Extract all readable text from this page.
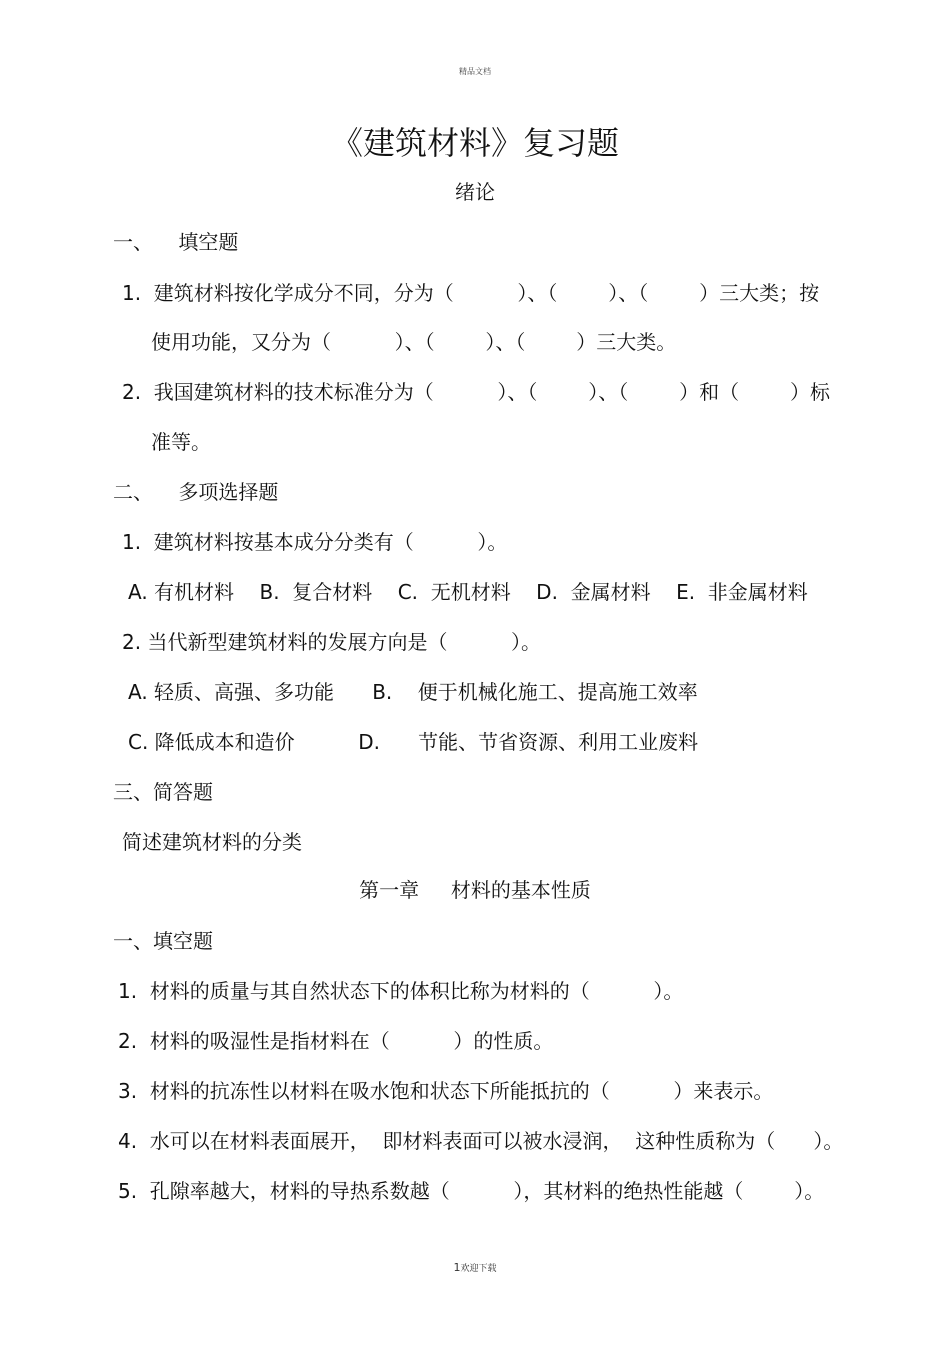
精品文档
《建筑材料》复习题
绪论
一、    填空题
1.  建筑材料按化学成分不同，分为（          ）、（        ）、（        ）三大类；按
使用功能，又分为（          ）、（        ）、（        ）三大类。
2.  我国建筑材料的技术标准分为（          ）、（        ）、（        ）和（        ）标
准等。
二、    多项选择题
1.  建筑材料按基本成分分类有（          ）。
A. 有机材料    B.  复合材料    C.  无机材料    D.  金属材料    E.  非金属材料
2. 当代新型建筑材料的发展方向是（          ）。
A. 轻质、高强、多功能      B.    便于机械化施工、提高施工效率
C. 降低成本和造价          D.      节能、节省资源、利用工业废料
三、简答题
简述建筑材料的分类
第一章     材料的基本性质
一、填空题
1.  材料的质量与其自然状态下的体积比称为材料的（          ）。
2.  材料的吸湿性是指材料在（          ）的性质。
3.  材料的抗冻性以材料在吸水饱和状态下所能抵抗的（          ）来表示。
4.  水可以在材料表面展开，  即材料表面可以被水浸润，  这种性质称为（      ）。
5.  孔隙率越大，材料的导热系数越（          ），其材料的绝热性能越（        ）。
1欢迎下载
